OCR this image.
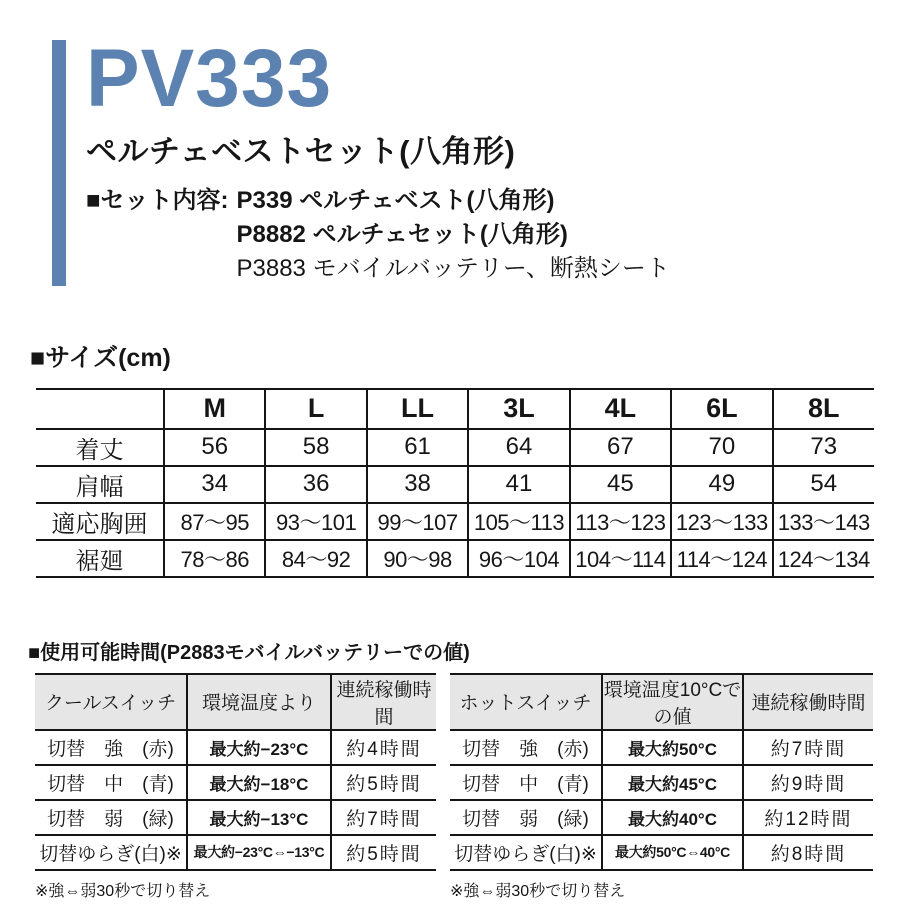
PV333
ペルチェベストセット(八角形)
■セット内容: P339 ペルチェベスト(八角形)
P8882 ペルチェセット(八角形)
P3883 モバイルバッテリー、断熱シート
■サイズ(cm)
	M	L	LL	3L	4L	6L	8L
着丈	56	58	61	64	67	70	73
肩幅	34	36	38	41	45	49	54
適応胸囲	87～95	93～101	99～107	105～113	113～123	123～133	133～143
裾廻	78～86	84～92	90～98	96～104	104～114	114～124	124～134
■使用可能時間(P2883モバイルバッテリーでの値)
クールスイッチ	環境温度より	連続稼働時間
切替　強　(赤)	最大約−23°C	約4時間
切替　中　(青)	最大約−18°C	約5時間
切替　弱　(緑)	最大約−13°C	約7時間
切替ゆらぎ(白)※	最大約−23°C⇔−13°C	約5時間
※強⇔弱30秒で切り替え
ホットスイッチ	環境温度10°Cでの値	連続稼働時間
切替　強　(赤)	最大約50°C	約7時間
切替　中　(青)	最大約45°C	約9時間
切替　弱　(緑)	最大約40°C	約12時間
切替ゆらぎ(白)※	最大約50°C⇔40°C	約8時間
※強⇔弱30秒で切り替え
